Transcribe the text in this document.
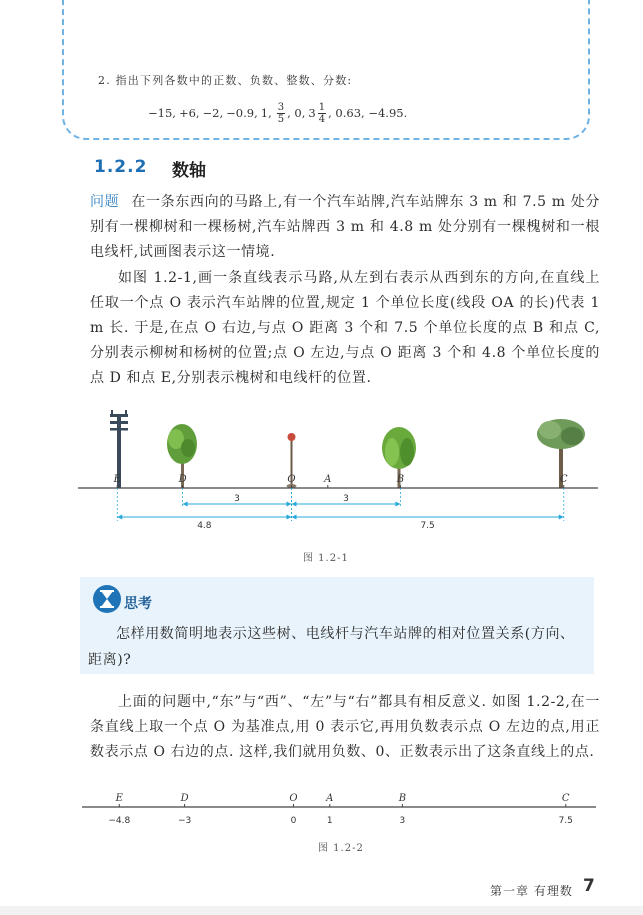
2. 指出下列各数中的正数、负数、整数、分数:
−15, +6, −2, −0.9, 1, $\frac{3}{5}$ , 0, $3 \frac{1}{4}$ , 0.63, −4.95.
1.2.2 数轴
问题 在一条东西向的马路上,有一个汽车站牌,汽车站牌东 3 m 和 7.5 m 处分别有一棵柳树和一棵杨树,汽车站牌西 3 m 和 4.8 m 处分别有一棵槐树和一根电线杆,试画图表示这一情境.
如图 1.2-1,画一条直线表示马路,从左到右表示从西到东的方向,在直线上任取一个点 O 表示汽车站牌的位置,规定 1 个单位长度(线段 OA 的长)代表 1 m 长. 于是,在点 O 右边,与点 O 距离 3 个和 7.5 个单位长度的点 B 和点 C,分别表示柳树和杨树的位置;点 O 左边,与点 O 距离 3 个和 4.8 个单位长度的点 D 和点 E,分别表示槐树和电线杆的位置.
E	D	O	A	B	C
3	3
4.8	7.5
图 1.2-1
思考
怎样用数简明地表示这些树、电线杆与汽车站牌的相对位置关系(方向、距离)?
上面的问题中,“东”与“西”、“左”与“右”都具有相反意义. 如图 1.2-2,在一条直线上取一个点 O 为基准点,用 0 表示它,再用负数表示点 O 左边的点,用正数表示点 O 右边的点. 这样,我们就用负数、0、正数表示出了这条直线上的点.
E
−4.8
D
−3
O
0
A
1
B
3
C
7.5
图 1.2-2
第一章 有理数 7
